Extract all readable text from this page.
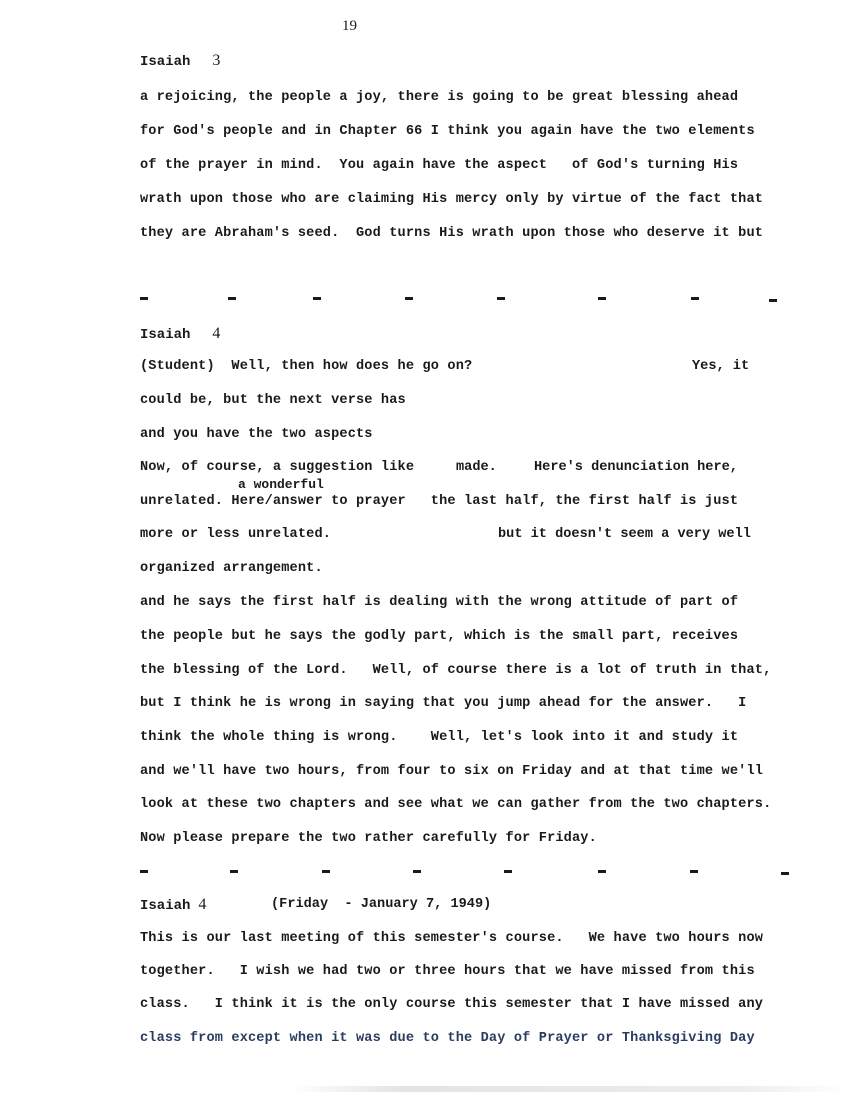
19
Isaiah 3
a rejoicing, the people a joy, there is going to be great blessing ahead
for God's people and in Chapter 66 I think you again have the two elements
of the prayer in mind.  You again have the aspect   of God's turning His
wrath upon those who are claiming His mercy only by virtue of the fact that
they are Abraham's seed.  God turns His wrath upon those who deserve it but
Isaiah 4
(Student)  Well, then how does he go on?	Yes, it
could be, but the next verse has
and you have the two aspects
Now, of course, a suggestion like	made.	Here's denunciation here,
a wonderful
unrelated. Here/answer to prayer   the last half, the first half is just
more or less unrelated.	but it doesn't seem a very well
organized arrangement.
and he says the first half is dealing with the wrong attitude of part of
the people but he says the godly part, which is the small part, receives
the blessing of the Lord.   Well, of course there is a lot of truth in that,
but I think he is wrong in saying that you jump ahead for the answer.   I
think the whole thing is wrong.    Well, let's look into it and study it
and we'll have two hours, from four to six on Friday and at that time we'll
look at these two chapters and see what we can gather from the two chapters.
Now please prepare the two rather carefully for Friday.
Isaiah 4	(Friday  - January 7, 1949)
This is our last meeting of this semester's course.   We have two hours now
together.   I wish we had two or three hours that we have missed from this
class.   I think it is the only course this semester that I have missed any
class from except when it was due to the Day of Prayer or Thanksgiving Day
